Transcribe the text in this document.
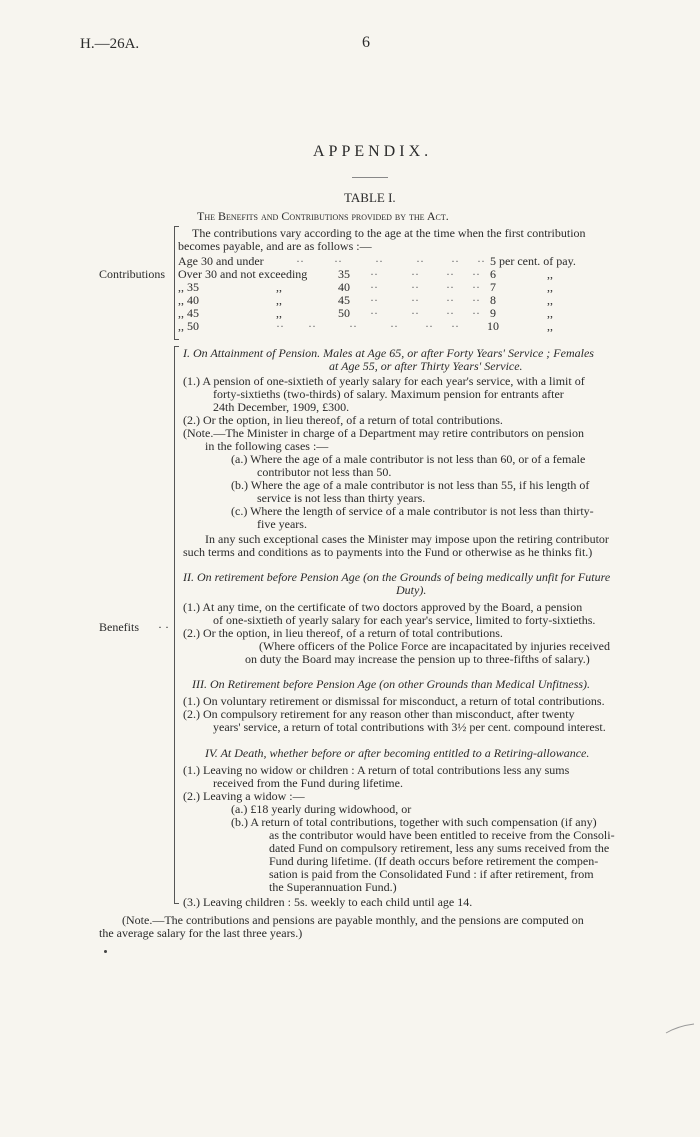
H.—26A.	6
APPENDIX.
TABLE I.
The Benefits and Contributions provided by the Act.
Contributions
The contributions vary according to the age at the time when the first contribution
becomes payable, and are as follows :—
Age 30 and under	··          ··           ··           ··         ··      ·· 5 per cent. of pay.
Over 30 and not exceeding	35 ··           ··         ··      ·· 6	,,
,, 35	,,	40 ··           ··         ··      ·· 7	,,
,, 40	,,	45 ··           ··         ··      ·· 8	,,
,, 45	,,	50 ··           ··         ··      ·· 9	,,
,, 50	··        ··           ··           ··         ··      ·· 10	,,
Benefits · ·
I. On Attainment of Pension. Males at Age 65, or after Forty Years' Service ; Females
at Age 55, or after Thirty Years' Service.
(1.) A pension of one-sixtieth of yearly salary for each year's service, with a limit of
forty-sixtieths (two-thirds) of salary. Maximum pension for entrants after
24th December, 1909, £300.
(2.) Or the option, in lieu thereof, of a return of total contributions.
(Note.—The Minister in charge of a Department may retire contributors on pension
in the following cases :—
(a.) Where the age of a male contributor is not less than 60, or of a female
contributor not less than 50.
(b.) Where the age of a male contributor is not less than 55, if his length of
service is not less than thirty years.
(c.) Where the length of service of a male contributor is not less than thirty-
five years.
In any such exceptional cases the Minister may impose upon the retiring contributor
such terms and conditions as to payments into the Fund or otherwise as he thinks fit.)
II. On retirement before Pension Age (on the Grounds of being medically unfit for Future
Duty).
(1.) At any time, on the certificate of two doctors approved by the Board, a pension
of one-sixtieth of yearly salary for each year's service, limited to forty-sixtieths.
(2.) Or the option, in lieu thereof, of a return of total contributions.
(Where officers of the Police Force are incapacitated by injuries received
on duty the Board may increase the pension up to three-fifths of salary.)
III. On Retirement before Pension Age (on other Grounds than Medical Unfitness).
(1.) On voluntary retirement or dismissal for misconduct, a return of total contributions.
(2.) On compulsory retirement for any reason other than misconduct, after twenty
years' service, a return of total contributions with 3½ per cent. compound interest.
IV. At Death, whether before or after becoming entitled to a Retiring-allowance.
(1.) Leaving no widow or children : A return of total contributions less any sums
received from the Fund during lifetime.
(2.) Leaving a widow :—
(a.) £18 yearly during widowhood, or
(b.) A return of total contributions, together with such compensation (if any)
as the contributor would have been entitled to receive from the Consoli-
dated Fund on compulsory retirement, less any sums received from the
Fund during lifetime. (If death occurs before retirement the compen-
sation is paid from the Consolidated Fund : if after retirement, from
the Superannuation Fund.)
(3.) Leaving children : 5s. weekly to each child until age 14.
(Note.—The contributions and pensions are payable monthly, and the pensions are computed on
the average salary for the last three years.)
